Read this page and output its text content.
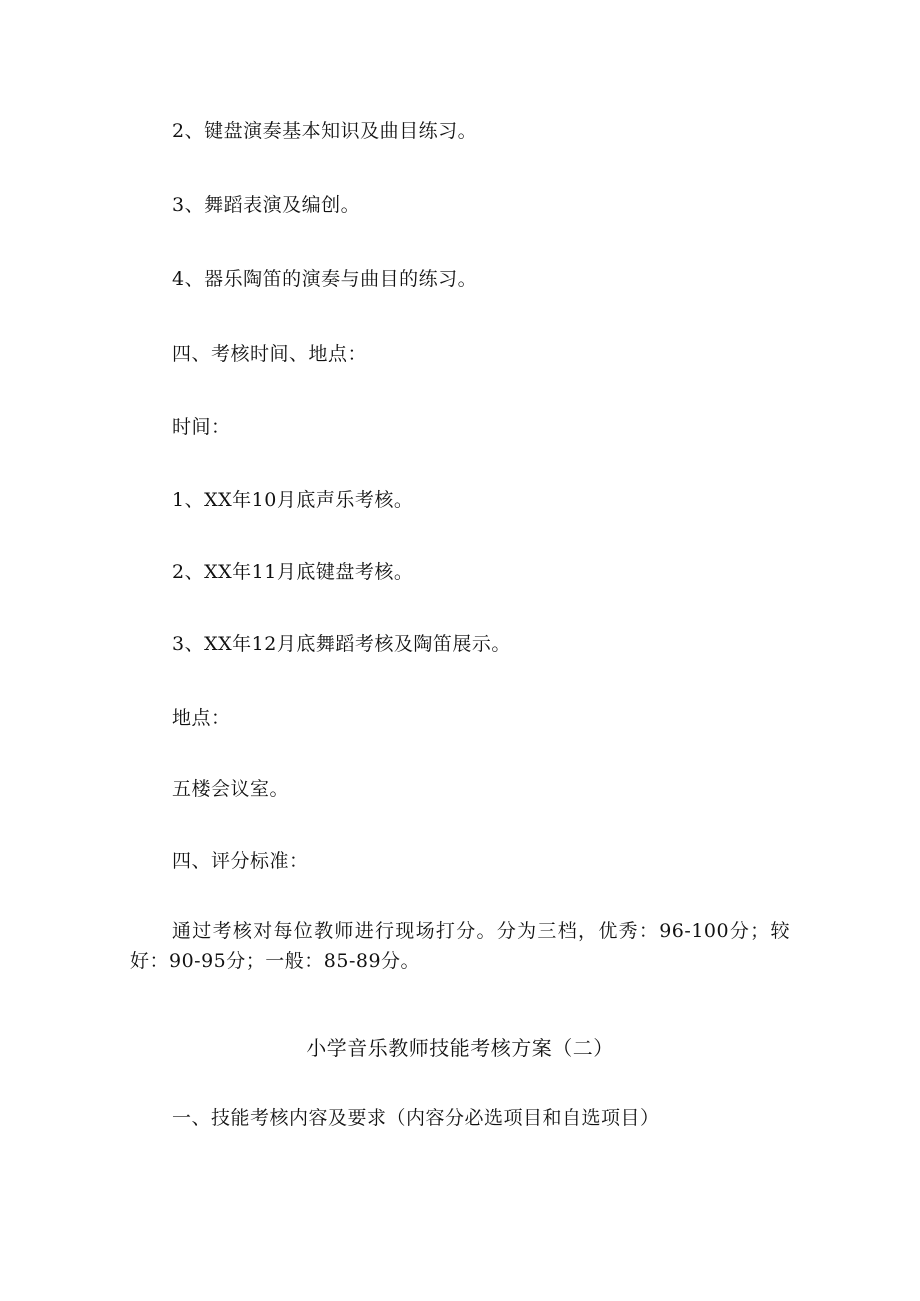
2、键盘演奏基本知识及曲目练习。
3、舞蹈表演及编创。
4、器乐陶笛的演奏与曲目的练习。
四、考核时间、地点：
时间：
1、XX年10月底声乐考核。
2、XX年11月底键盘考核。
3、XX年12月底舞蹈考核及陶笛展示。
地点：
五楼会议室。
四、评分标准：
通过考核对每位教师进行现场打分。分为三档，优秀：96-100分；较好：90-95分；一般：85-89分。
小学音乐教师技能考核方案（二）
一、技能考核内容及要求（内容分必选项目和自选项目）
